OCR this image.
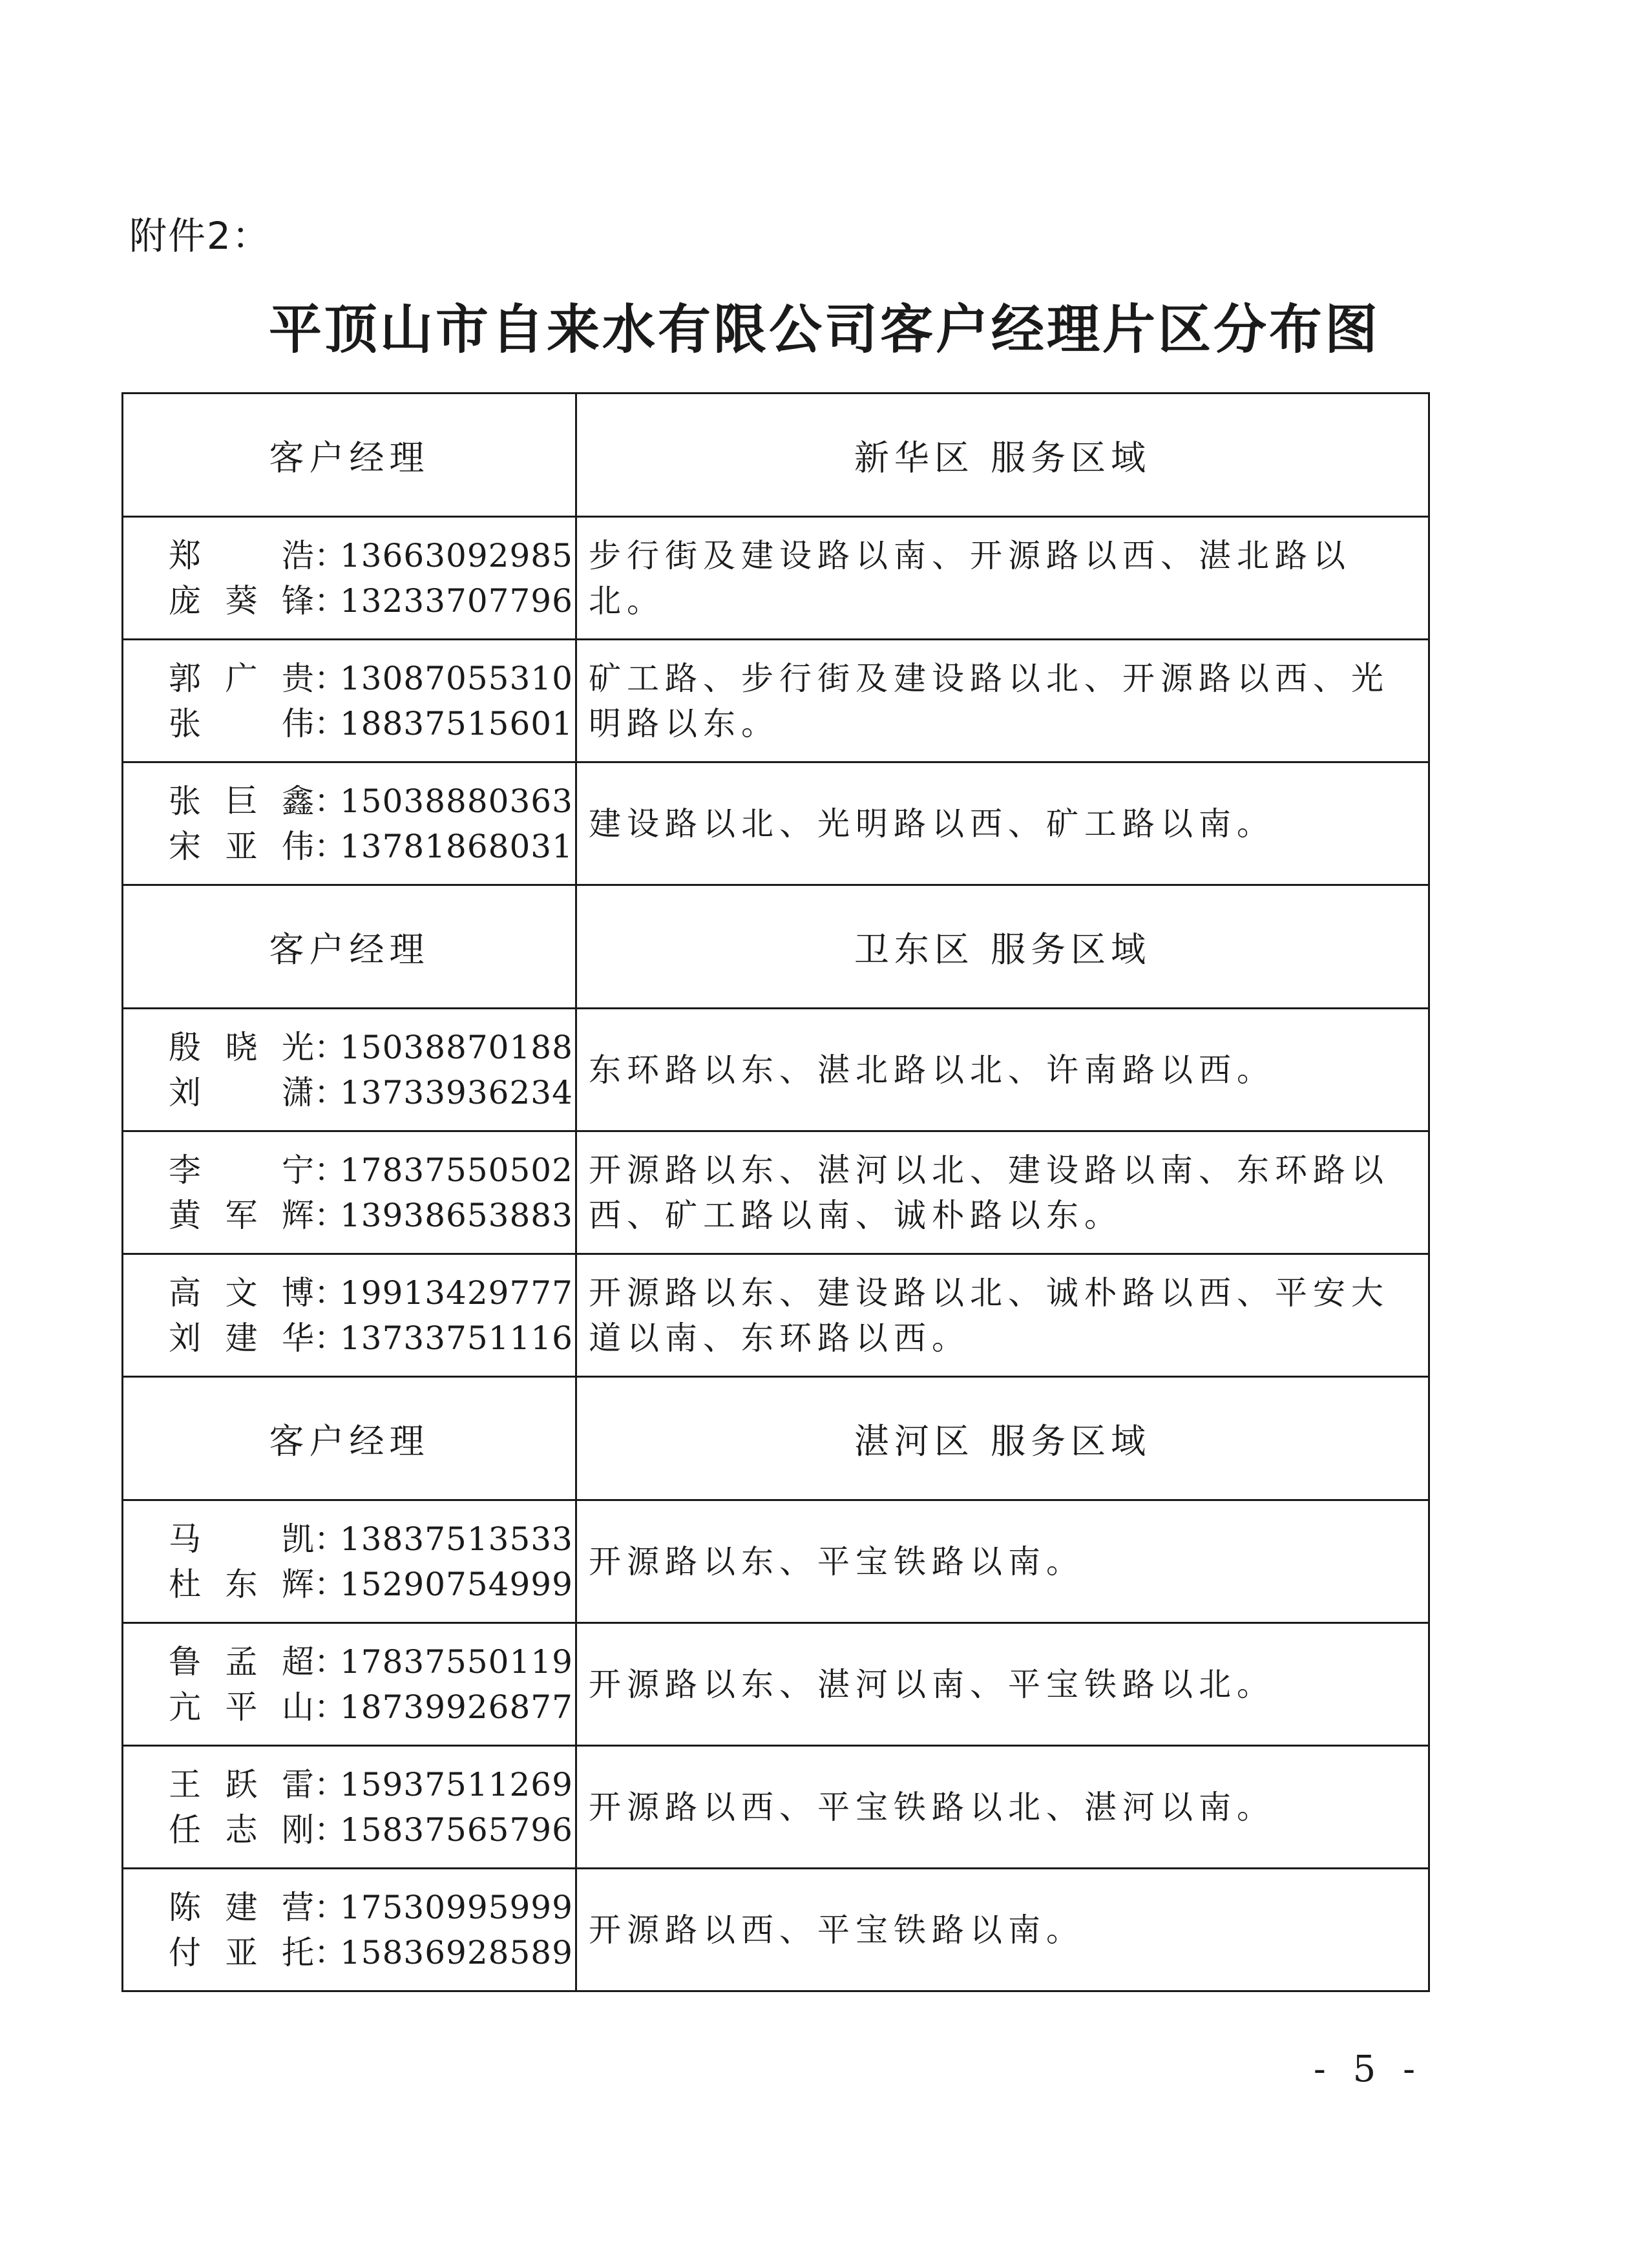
附件2：
平顶山市自来水有限公司客户经理片区分布图
客户经理	新华区 服务区域

郑浩：13663092985
庞葵锋：13233707796	步行街及建设路以南、开源路以西、湛北路以北。

郭广贵：13087055310
张伟：18837515601	矿工路、步行街及建设路以北、开源路以西、光明路以东。

张巨鑫：15038880363
宋亚伟：13781868031	建设路以北、光明路以西、矿工路以南。
客户经理	卫东区 服务区域

殷晓光：15038870188
刘潇：13733936234	东环路以东、湛北路以北、许南路以西。

李宁：17837550502
黄军辉：13938653883	开源路以东、湛河以北、建设路以南、东环路以西、矿工路以南、诚朴路以东。

高文博：19913429777
刘建华：13733751116	开源路以东、建设路以北、诚朴路以西、平安大道以南、东环路以西。
客户经理	湛河区 服务区域

马凯：13837513533
杜东辉：15290754999	开源路以东、平宝铁路以南。

鲁孟超：17837550119
亢平山：18739926877	开源路以东、湛河以南、平宝铁路以北。

王跃雷：15937511269
任志刚：15837565796	开源路以西、平宝铁路以北、湛河以南。

陈建营：17530995999
付亚托：15836928589	开源路以西、平宝铁路以南。
- 5 -
